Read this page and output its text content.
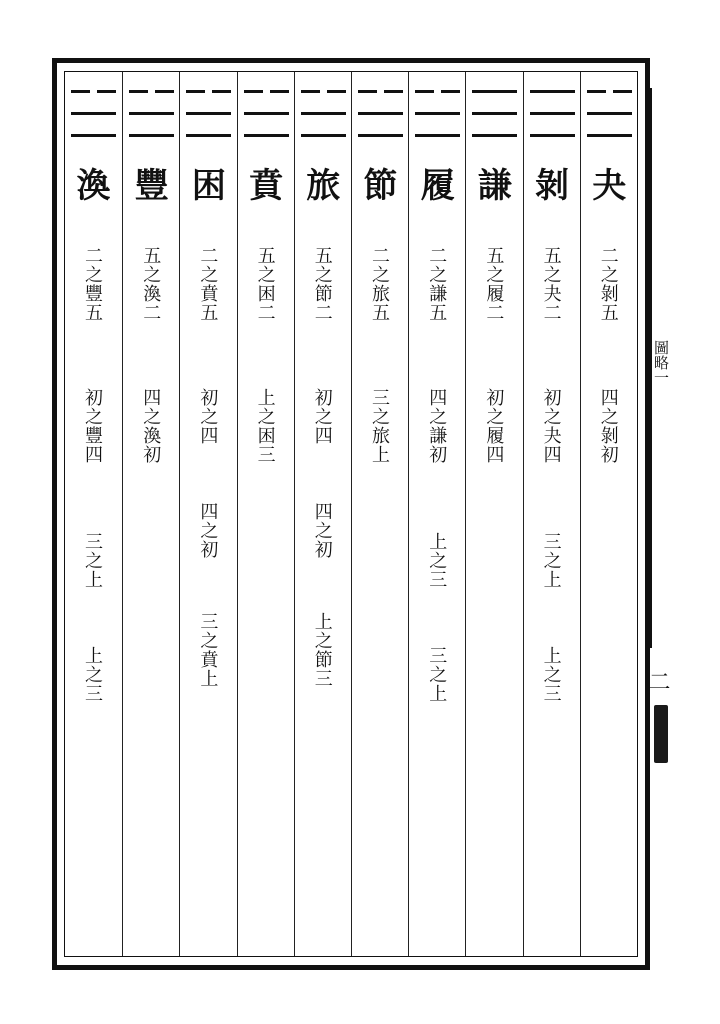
夬
二之剝五
四之剝初
剝
五之夬二
初之夬四
三之上
上之三
謙
五之履二
初之履四
履
二之謙五
四之謙初
上之三
三之上
節
二之旅五
三之旅上
旅
五之節二
初之四
四之初
上之節三
賁
五之困二
上之困三
困
二之賁五
初之四
四之初
三之賁上
豐
五之渙二
四之渙初
渙
二之豐五
初之豐四
三之上
上之三
圖略一
二
